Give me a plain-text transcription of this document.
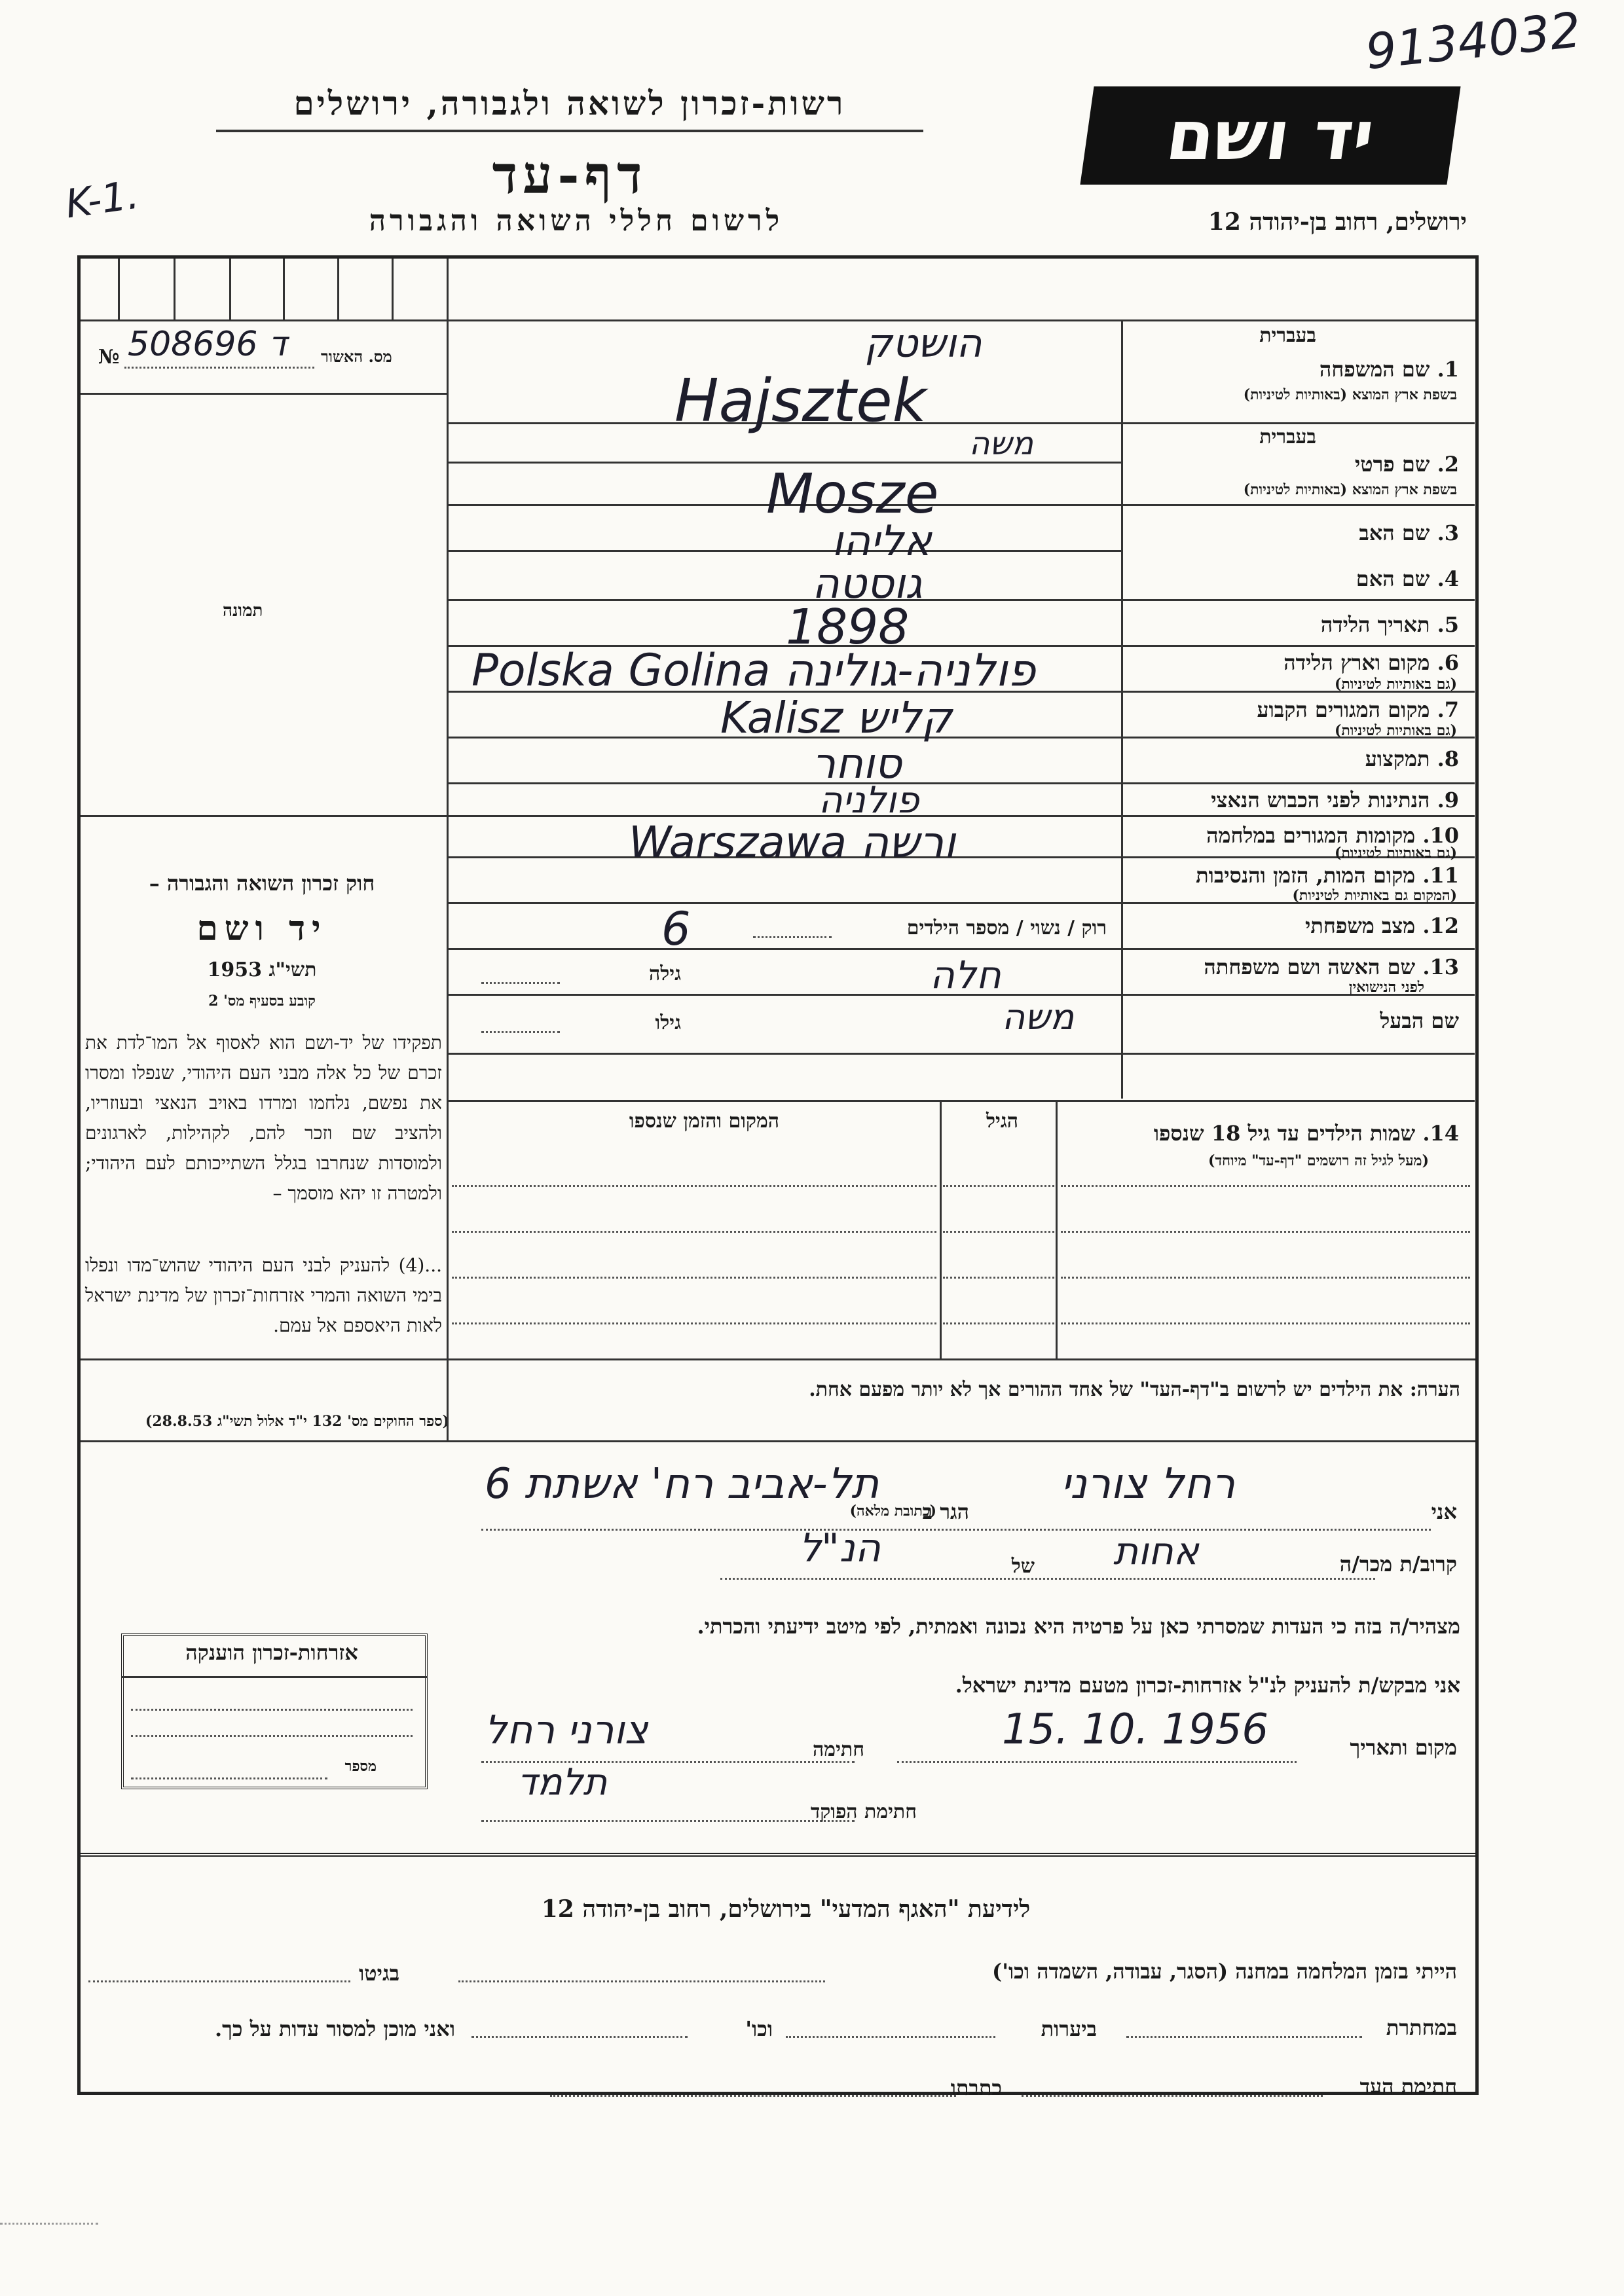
9134032
רשות-זכרון לשואה ולגבורה, ירושלים
דף-עד
לרשום חללי השואה והגבורה
K-1.
יד ושם
ירושלים, רחוב בן-יהודה 12
№ ד 508696 מס. האשור
תמונה
חוק זכרון השואה והגבורה –
יד ושם
תשי"ג 1953
קובע בסעיף מס' 2
תפקידו של יד-ושם הוא לאסוף אל המו־לדת את זכרם של כל אלה מבני העם היהודי, שנפלו ומסרו את נפשם, נלחמו ומרדו באויב הנאצי ובעוזריו, ולהציב שם וזכר להם, לקהילות, לארגונים ולמוסדות שנחרבו בגלל השתייכותם לעם היהודי; ולמטרה זו יהא מוסמך –
...(4) להעניק לבני העם היהודי שהוש־מדו ונפלו בימי השואה והמרי אזרחות־זכרון של מדינת ישראל לאות היאספם אל עמם.
(ספר החוקים מס' 132 י"ד אלול תשי"ג 28.8.53)
בעברית
1. שם המשפחה
בשפת ארץ המוצא (באותיות לטיניות)
הושטק
Hajsztek
בעברית
2. שם פרטי
בשפת ארץ המוצא (באותיות לטיניות)
משה
Mosze
3. שם האב
אליהו
4. שם האם
גוסטה
5. תאריך הלידה
1898
6. מקום וארץ הלידה
(גם באותיות לטיניות)
Polska Golina פולניה-גולינה
7. מקום המגורים הקבוע
(גם באותיות לטיניות)
Kalisz קליש
8. תמקצוע
סוחר
9. הנתינות לפני הכבוש הנאצי
פולניה
10. מקומות המגורים במלחמה
(גם באותיות לטיניות)
Warszawa ורשה
11. מקום המות, הזמן והנסיבות
(המקום גם באותיות לטיניות)
12. מצב משפחתי
רוק / נשוי / מספר הילדים
6
13. שם האשה ושם משפחתה
לפני הנישואין
חלה
גילה
שם הבעל
משה
גילו
14. שמות הילדים עד גיל 18 שנספו
(מעל לגיל זה רושמים "דף-עד" מיוחד)
הגיל
המקום והזמן שנספו
הערה: את הילדים יש לרשום ב"דף-העד" של אחד ההורים אך לא יותר מפעם אחת.
אני
רחל צורני
הגר ב
(כתובת מלאה)
תל-אביב רח' אשתת 6
קרוב/ת מכר/ה
אחות
של
הנ"ל
מצהיר/ה בזה כי העדות שמסרתי כאן על פרטיה היא נכונה ואמתית, לפי מיטב ידיעתי והכרתי.
אני מבקש/ת להעניק לנ"ל אזרחות-זכרון מטעם מדינת ישראל.
מקום ותאריך
15. 10. 1956
חתימה
צורני רחל
תלמד
חתימת הפוקד
אזרחות-זכרון הוענקה
מספר
לידיעת "האגף המדעי" בירושלים, רחוב בן-יהודה 12
הייתי בזמן המלחמה במחנה (הסגר, עבודה, השמדה וכו')
בגיטו
במחתרת
ביערות
וכו'
ואני מוכן למסור עדות על כך.
חתימת העד
כתבתו
